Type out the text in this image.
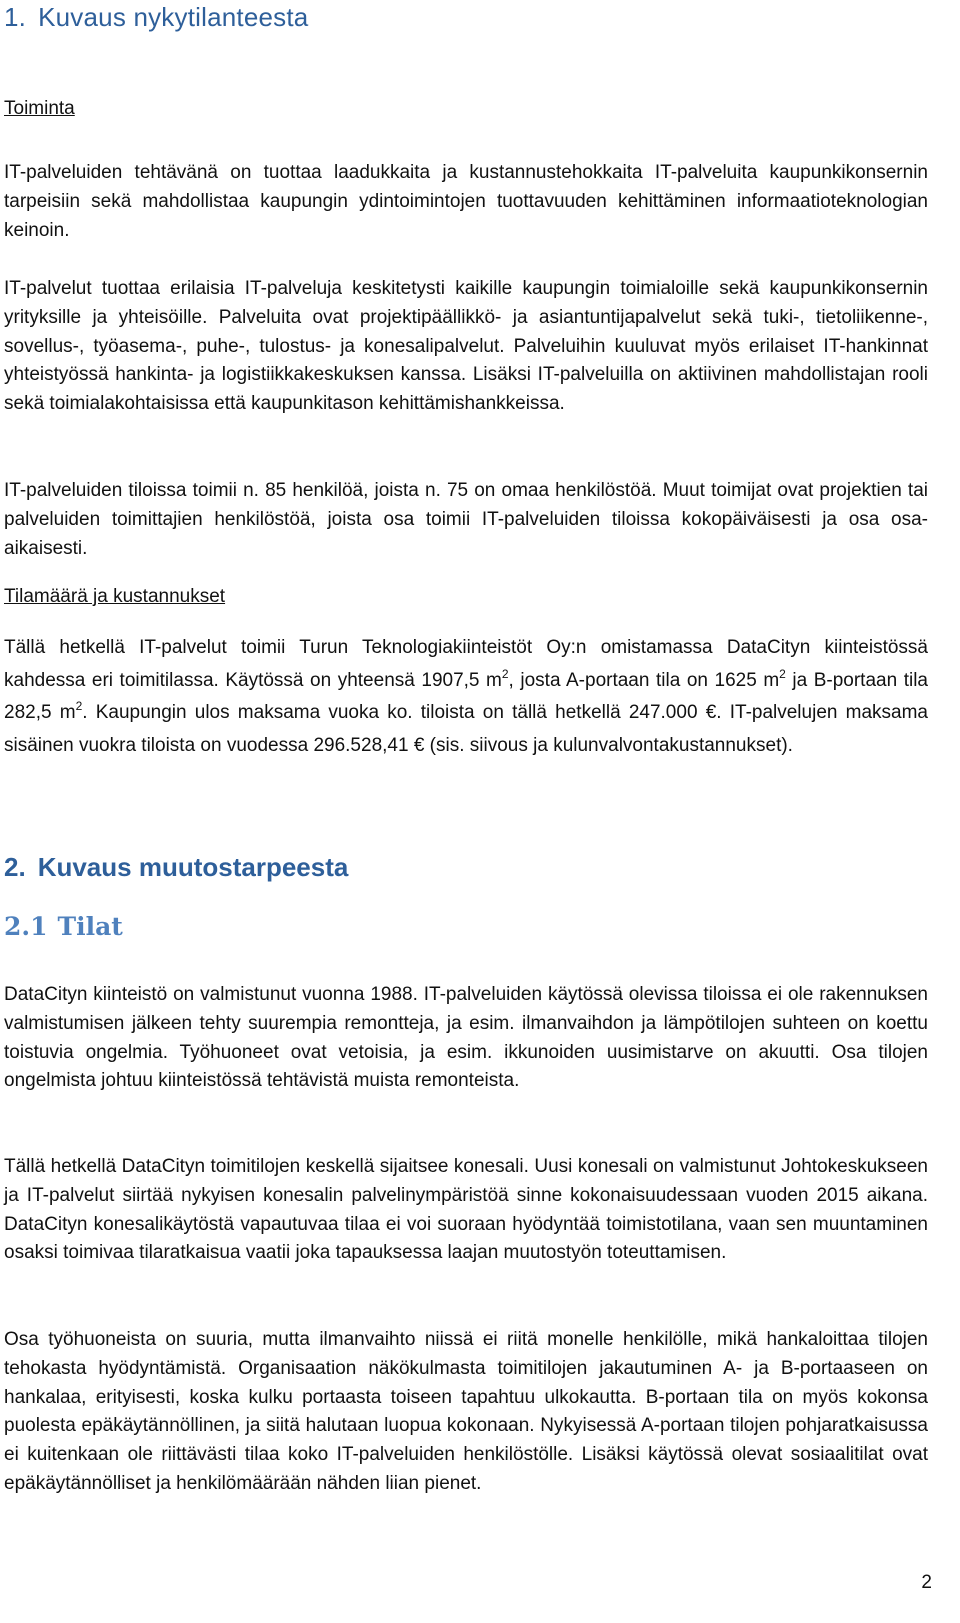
1. Kuvaus nykytilanteesta
Toiminta

IT-palveluiden tehtävänä on tuottaa laadukkaita ja kustannustehokkaita IT-palveluita kaupunkikonsernin tarpeisiin sekä mahdollistaa kaupungin ydintoimintojen tuottavuuden kehittäminen informaatioteknologian keinoin.

IT-palvelut tuottaa erilaisia IT-palveluja keskitetysti kaikille kaupungin toimialoille sekä kaupunkikonsernin yrityksille ja yhteisöille. Palveluita ovat projektipäällikkö- ja asiantuntijapalvelut sekä tuki-, tietoliikenne-, sovellus-, työasema-, puhe-, tulostus- ja konesalipalvelut. Palveluihin kuuluvat myös erilaiset IT-hankinnat yhteistyössä hankinta- ja logistiikkakeskuksen kanssa. Lisäksi IT-palveluilla on aktiivinen mahdollistajan rooli sekä toimialakohtaisissa että kaupunkitason kehittämishankkeissa.

IT-palveluiden tiloissa toimii n. 85 henkilöä, joista n. 75 on omaa henkilöstöä. Muut toimijat ovat projektien tai palveluiden toimittajien henkilöstöä, joista osa toimii IT-palveluiden tiloissa kokopäiväisesti ja osa osa-aikaisesti.

Tilamäärä ja kustannukset

Tällä hetkellä IT-palvelut toimii Turun Teknologiakiinteistöt Oy:n omistamassa DataCityn kiinteistössä kahdessa eri toimitilassa. Käytössä on yhteensä 1907,5 $m^2$, josta A-portaan tila on 1625 $m^2$ ja B-portaan tila 282,5 $m^2$. Kaupungin ulos maksama vuoka ko. tiloista on tällä hetkellä 247.000 €. IT-palvelujen maksama sisäinen vuokra tiloista on vuodessa 296.528,41 € (sis. siivous ja kulunvalvontakustannukset).

2. Kuvaus muutostarpeesta
2.1 Tilat

DataCityn kiinteistö on valmistunut vuonna 1988. IT-palveluiden käytössä olevissa tiloissa ei ole rakennuksen valmistumisen jälkeen tehty suurempia remontteja, ja esim. ilmanvaihdon ja lämpötilojen suhteen on koettu toistuvia ongelmia. Työhuoneet ovat vetoisia, ja esim. ikkunoiden uusimistarve on akuutti. Osa tilojen ongelmista johtuu kiinteistössä tehtävistä muista remonteista.

Tällä hetkellä DataCityn toimitilojen keskellä sijaitsee konesali. Uusi konesali on valmistunut Johtokeskukseen ja IT-palvelut siirtää nykyisen konesalin palvelinympäristöä sinne kokonaisuudessaan vuoden 2015 aikana. DataCityn konesalikäytöstä vapautuvaa tilaa ei voi suoraan hyödyntää toimistotilana, vaan sen muuntaminen osaksi toimivaa tilaratkaisua vaatii joka tapauksessa laajan muutostyön toteuttamisen.

Osa työhuoneista on suuria, mutta ilmanvaihto niissä ei riitä monelle henkilölle, mikä hankaloittaa tilojen tehokasta hyödyntämistä. Organisaation näkökulmasta toimitilojen jakautuminen A- ja B-portaaseen on hankalaa, erityisesti, koska kulku portaasta toiseen tapahtuu ulkokautta. B-portaan tila on myös kokonsa puolesta epäkäytännöllinen, ja siitä halutaan luopua kokonaan. Nykyisessä A-portaan tilojen pohjaratkaisussa ei kuitenkaan ole riittävästi tilaa koko IT-palveluiden henkilöstölle. Lisäksi käytössä olevat sosiaalitilat ovat epäkäytännölliset ja henkilömäärään nähden liian pienet.

2
